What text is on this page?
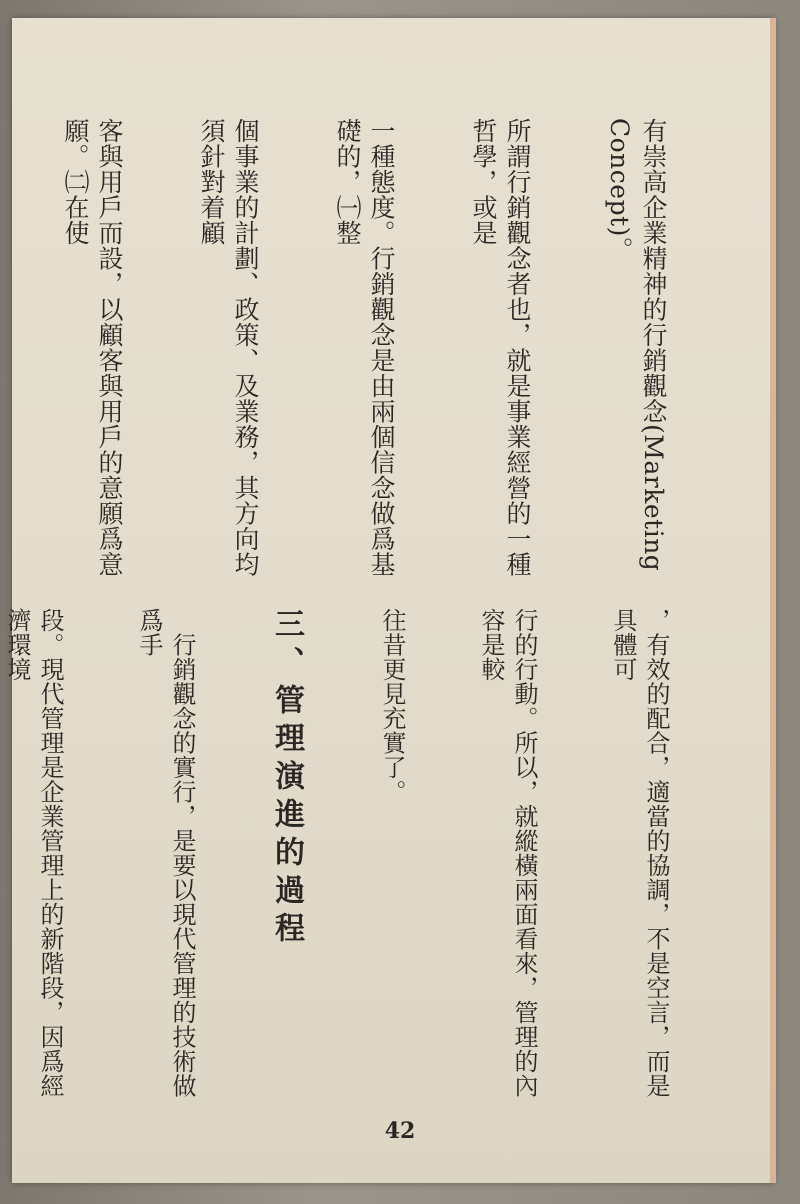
有崇高企業精神的行銷觀念(Marketing Concept)。

所謂行銷觀念者也，就是事業經營的一種哲學，或是

一種態度。行銷觀念是由兩個信念做爲基礎的，㈠整

個事業的計劃、政策、及業務，其方向均須針對着顧

客與用戶而設，以顧客與用戶的意願爲意願。㈡在使

，有效的配合，適當的協調，不是空言，而是具體可

行的行動。所以，就縱橫兩面看來，管理的內容是較

往昔更見充實了。

三、管理演進的過程

　行銷觀念的實行，是要以現代管理的技術做爲手

段。現代管理是企業管理上的新階段，因爲經濟環境

42
